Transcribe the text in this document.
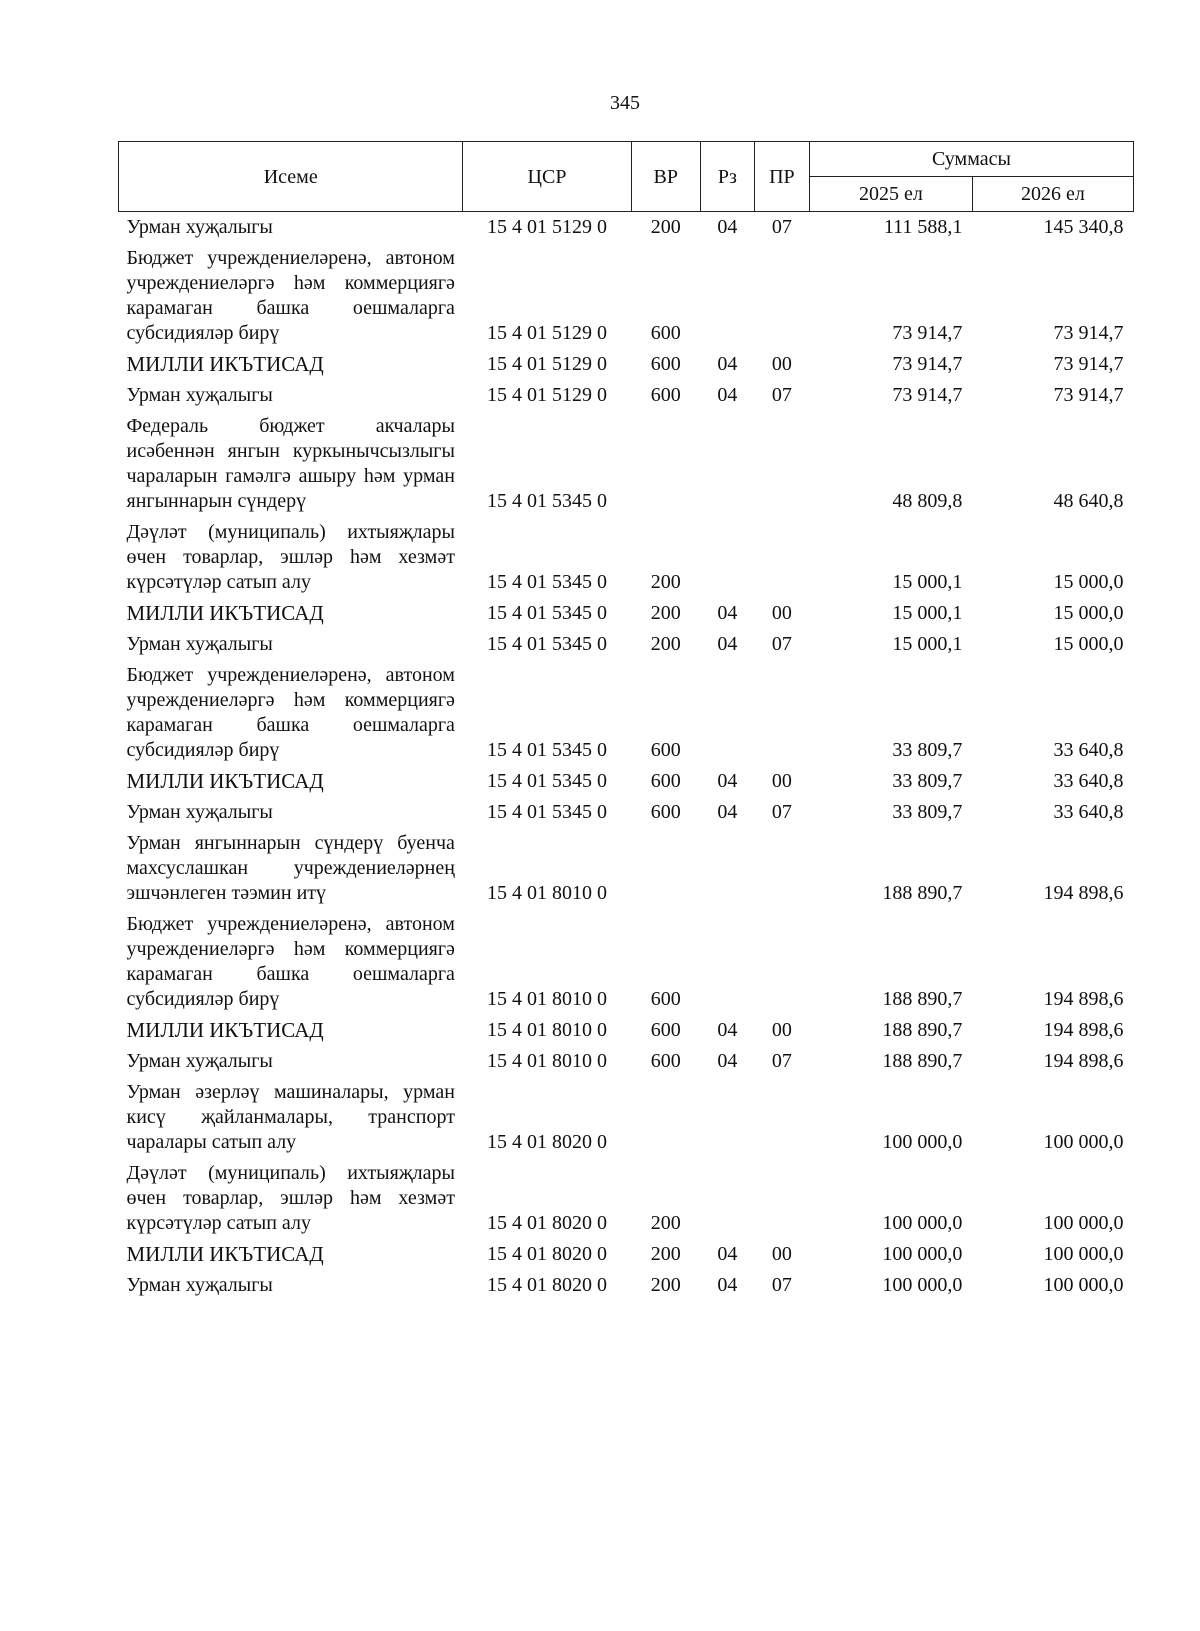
345
Исеме	ЦСР	ВР	Рз	ПР	Суммасы	
					2025 ел	2026 ел
Урман хуҗалыгы	15 4 01 5129 0	200	04	07	111 588,1	145 340,8
Бюджет учреждениеләренә, автоном учреждениеләргә һәм коммерциягә карамаган башка оешмаларга субсидияләр бирү	15 4 01 5129 0	600			73 914,7	73 914,7
МИЛЛИ ИКЪТИСАД	15 4 01 5129 0	600	04	00	73 914,7	73 914,7
Урман хуҗалыгы	15 4 01 5129 0	600	04	07	73 914,7	73 914,7
Федераль бюджет акчалары исәбеннән янгын куркынычсызлыгы чараларын гамәлгә ашыру һәм урман янгыннарын сүндерү	15 4 01 5345 0				48 809,8	48 640,8
Дәүләт (муниципаль) ихтыяҗлары өчен товарлар, эшләр һәм хезмәт күрсәтүләр сатып алу	15 4 01 5345 0	200			15 000,1	15 000,0
МИЛЛИ ИКЪТИСАД	15 4 01 5345 0	200	04	00	15 000,1	15 000,0
Урман хуҗалыгы	15 4 01 5345 0	200	04	07	15 000,1	15 000,0
Бюджет учреждениеләренә, автоном учреждениеләргә һәм коммерциягә карамаган башка оешмаларга субсидияләр бирү	15 4 01 5345 0	600			33 809,7	33 640,8
МИЛЛИ ИКЪТИСАД	15 4 01 5345 0	600	04	00	33 809,7	33 640,8
Урман хуҗалыгы	15 4 01 5345 0	600	04	07	33 809,7	33 640,8
Урман янгыннарын сүндерү буенча махсуслашкан учреждениеләрнең эшчәнлеген тәэмин итү	15 4 01 8010 0				188 890,7	194 898,6
Бюджет учреждениеләренә, автоном учреждениеләргә һәм коммерциягә карамаган башка оешмаларга субсидияләр бирү	15 4 01 8010 0	600			188 890,7	194 898,6
МИЛЛИ ИКЪТИСАД	15 4 01 8010 0	600	04	00	188 890,7	194 898,6
Урман хуҗалыгы	15 4 01 8010 0	600	04	07	188 890,7	194 898,6
Урман әзерләү машиналары, урман кисү җайланмалары, транспорт чаралары сатып алу	15 4 01 8020 0				100 000,0	100 000,0
Дәүләт (муниципаль) ихтыяҗлары өчен товарлар, эшләр һәм хезмәт күрсәтүләр сатып алу	15 4 01 8020 0	200			100 000,0	100 000,0
МИЛЛИ ИКЪТИСАД	15 4 01 8020 0	200	04	00	100 000,0	100 000,0
Урман хуҗалыгы	15 4 01 8020 0	200	04	07	100 000,0	100 000,0
